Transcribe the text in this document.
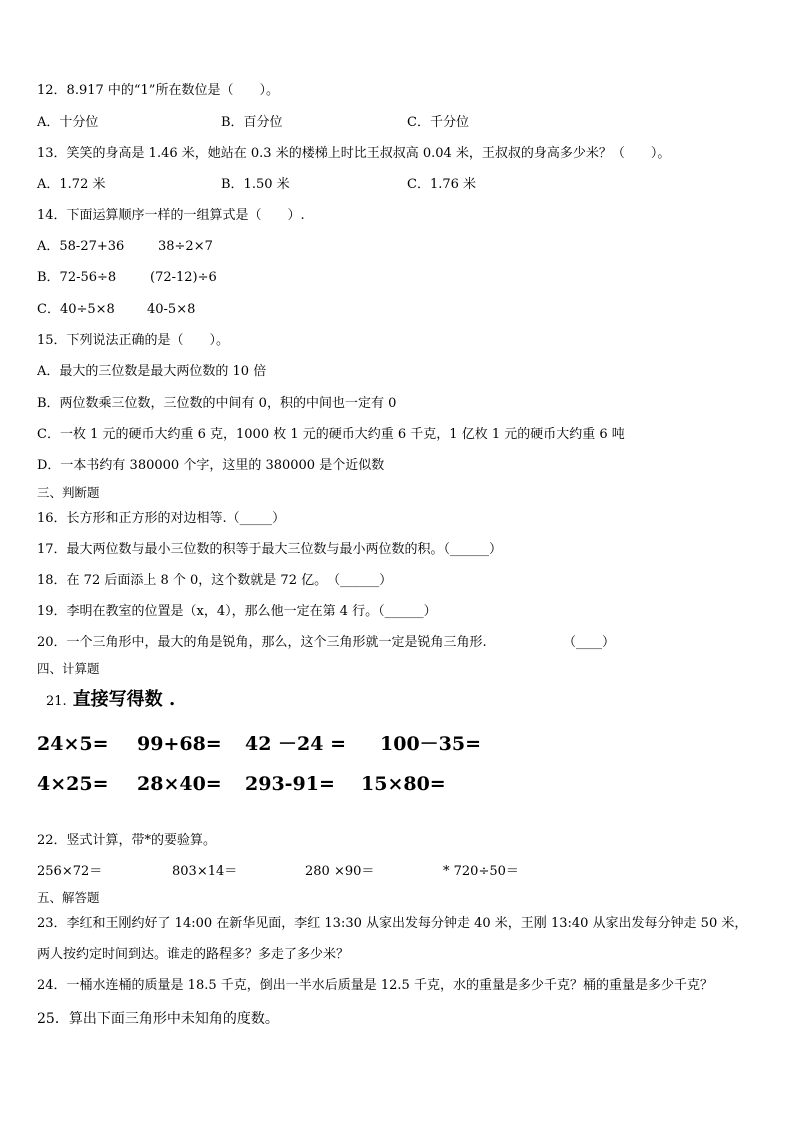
12．8.917 中的“1”所在数位是（　　）。
A．十分位	B．百分位	C．千分位
13．笑笑的身高是 1.46 米，她站在 0.3 米的楼梯上时比王叔叔高 0.04 米，王叔叔的身高多少米？（　　）。
A．1.72 米	B．1.50 米	C．1.76 米
14．下面运算顺序一样的一组算式是（　　）.
A．58-27+36	38÷2×7
B．72-56÷8	(72-12)÷6
C．40÷5×8 40-5×8
15．下列说法正确的是（　　）。
A．最大的三位数是最大两位数的 10 倍
B．两位数乘三位数，三位数的中间有 0，积的中间也一定有 0
C．一枚 1 元的硬币大约重 6 克，1000 枚 1 元的硬币大约重 6 千克，1 亿枚 1 元的硬币大约重 6 吨
D．一本书约有 380000 个字，这里的 380000 是个近似数
三、判断题
16．长方形和正方形的对边相等.（_____）
17．最大两位数与最小三位数的积等于最大三位数与最小两位数的积。（______）
18．在 72 后面添上 8 个 0，这个数就是 72 亿。　（______）
19．李明在教室的位置是（x，4），那么他一定在第 4 行。（______）
20．一个三角形中，最大的角是锐角，那么，这个三角形就一定是锐角三角形.	（____）
四、计算题
21. 直接写得数 .
24×5= 99+68= 42 －24 = 100－35=
4×25= 28×40= 293-91= 15×80=
22．竖式计算，带*的要验算。
256×72＝	803×14＝	280 ×90＝	* 720÷50＝
五、解答题
23．李红和王刚约好了 14:00 在新华见面，李红 13:30 从家出发每分钟走 40 米，王刚 13:40 从家出发每分钟走 50 米，
两人按约定时间到达。谁走的路程多？多走了多少米？
24．一桶水连桶的质量是 18.5 千克，倒出一半水后质量是 12.5 千克，水的重量是多少千克？桶的重量是多少千克？
25．算出下面三角形中未知角的度数。
